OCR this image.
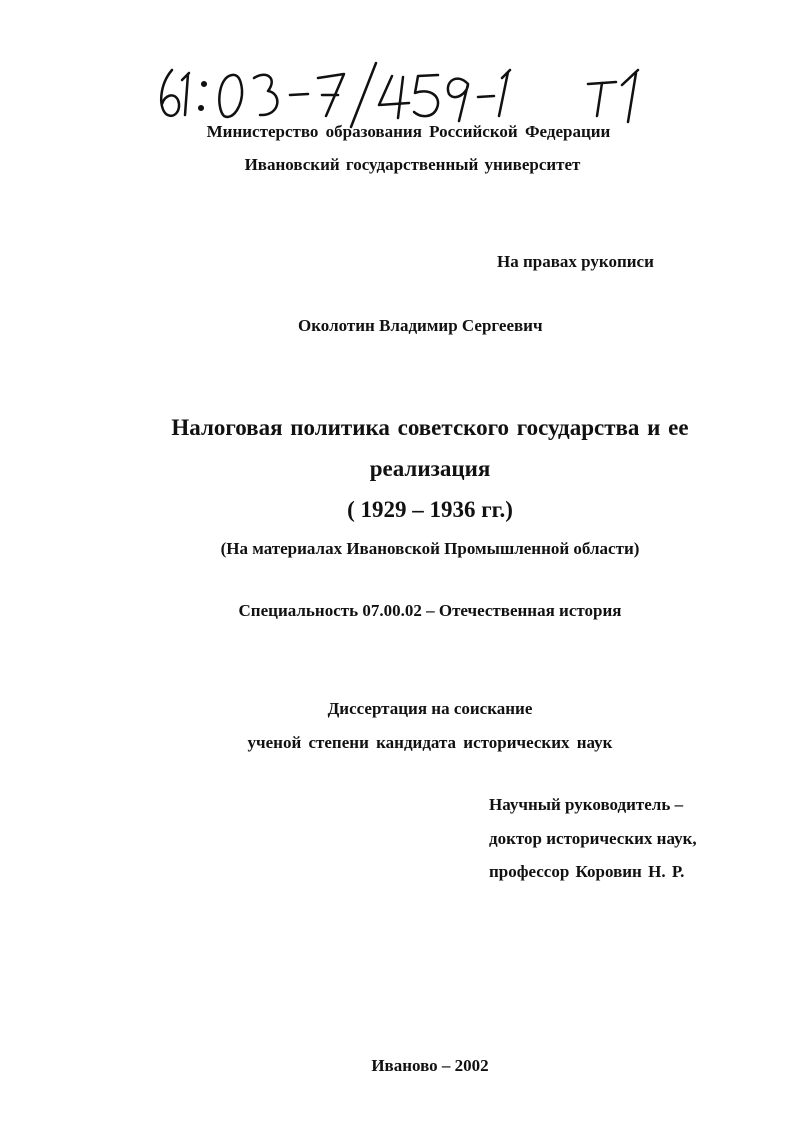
Министерство образования Российской Федерации
Ивановский государственный университет
На правах рукописи
Околотин Владимир Сергеевич
Налоговая политика советского государства и ее
реализация
( 1929 – 1936 гг.)
(На материалах Ивановской Промышленной области)
Специальность 07.00.02 – Отечественная история
Диссертация на соискание
ученой степени кандидата исторических наук
Научный руководитель –
доктор исторических наук,
профессор Коровин Н. Р.
Иваново – 2002
